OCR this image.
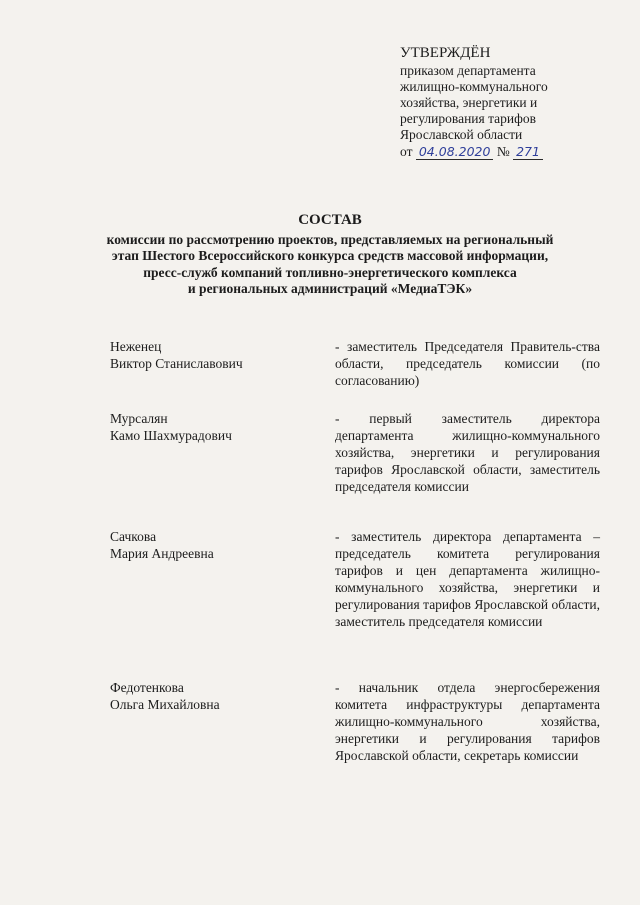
УТВЕРЖДЁН
приказом департамента
жилищно-коммунального
хозяйства, энергетики и
регулирования тарифов
Ярославской области
от 04.08.2020 № 271
СОСТАВ
комиссии по рассмотрению проектов, представляемых на региональный
этап Шестого Всероссийского конкурса средств массовой информации,
пресс-служб компаний топливно-энергетического комплекса
и региональных администраций «МедиаТЭК»
Неженец
Виктор Станиславович
- заместитель Председателя Правитель-ства области, председатель комиссии (по согласованию)
Мурсалян
Камо Шахмурадович
- первый заместитель директора департамента жилищно-коммунального хозяйства, энергетики и регулирования тарифов Ярославской области, заместитель председателя комиссии
Сачкова
Мария Андреевна
- заместитель директора департамента – председатель комитета регулирования тарифов и цен департамента жилищно-коммунального хозяйства, энергетики и регулирования тарифов Ярославской области, заместитель председателя комиссии
Федотенкова
Ольга Михайловна
- начальник отдела энергосбережения комитета инфраструктуры департамента жилищно-коммунального хозяйства, энергетики и регулирования тарифов Ярославской области, секретарь комиссии
